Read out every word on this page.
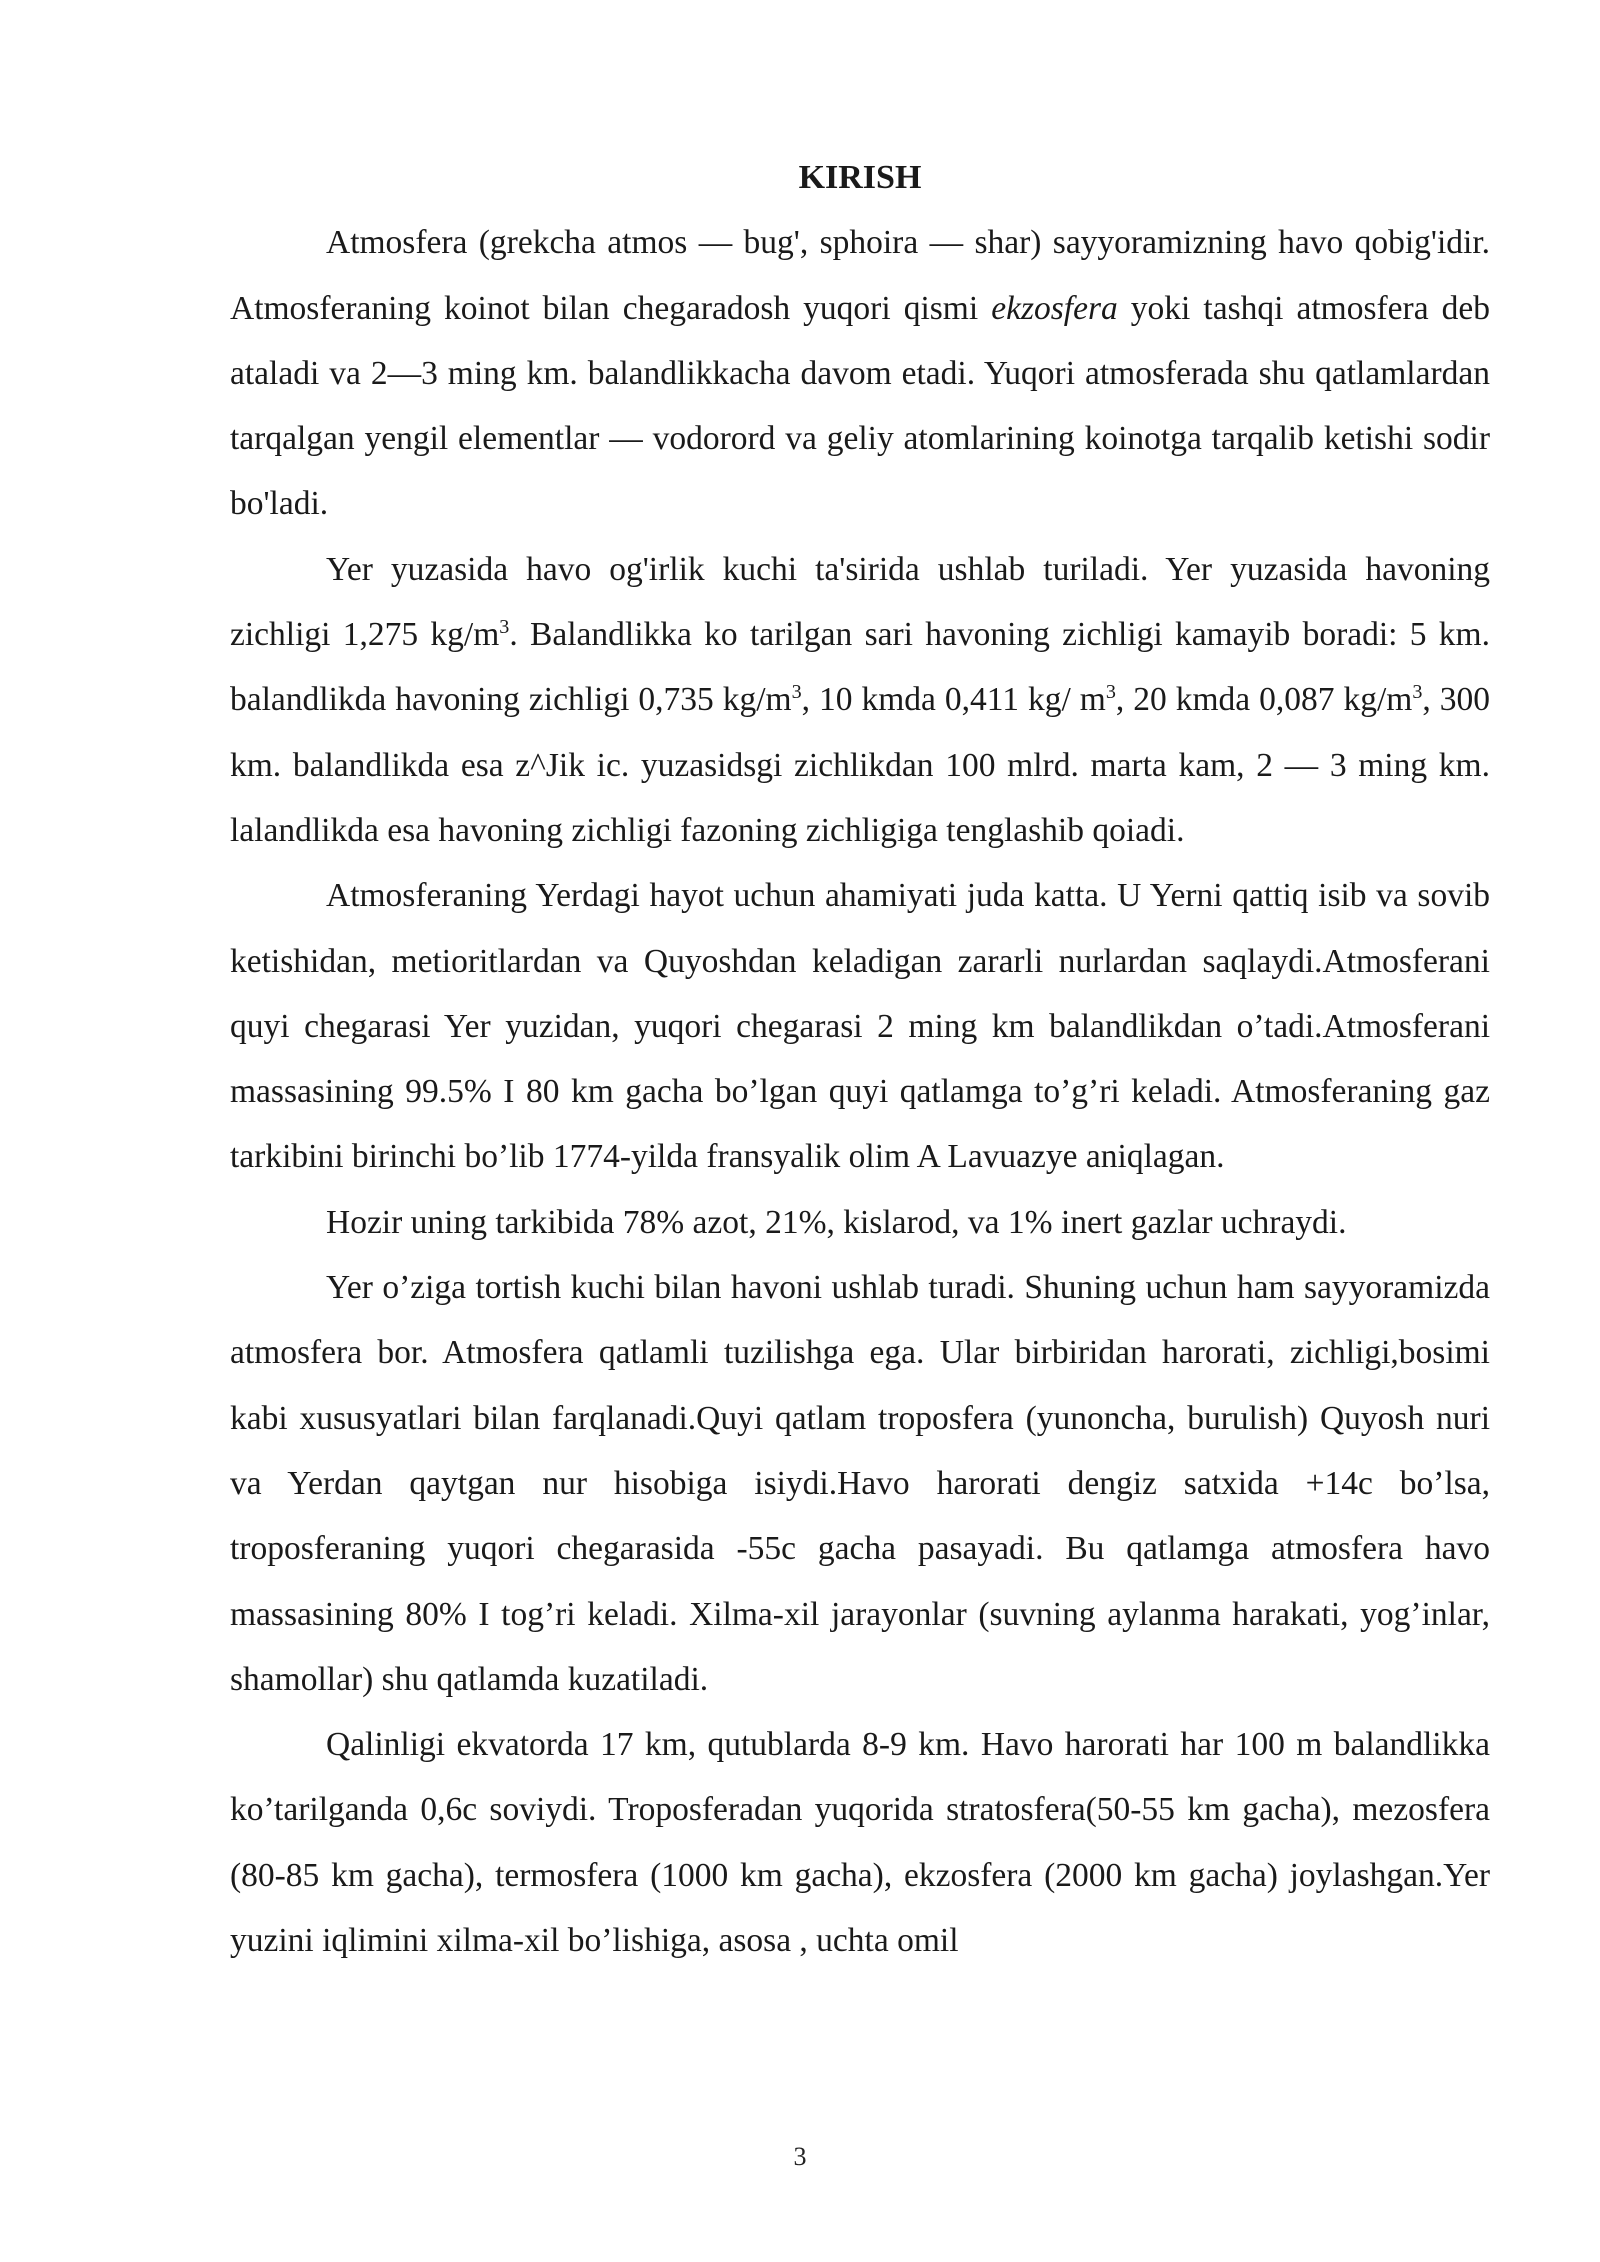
KIRISH

Atmosfera (grekcha atmos — bug', sphoira — shar) sayyoramizning havo qobig'idir. Atmosferaning koinot bilan chegaradosh yuqori qismi ekzosfera yoki tashqi atmosfera deb ataladi va 2—3 ming km. balandlikkacha davom etadi. Yuqori atmosferada shu qatlamlardan tarqalgan yengil elementlar — vodorord va geliy atomlarining koinotga tarqalib ketishi sodir bo'ladi.

Yer yuzasida havo og'irlik kuchi ta'sirida ushlab turiladi. Yer yuzasida havoning zichligi 1,275 $kg/m^3$. Balandlikka ko tarilgan sari havoning zichligi kamayib boradi: 5 km. balandlikda havoning zichligi 0,735 $kg/m^3$, 10 kmda 0,411 kg/ $m^3$, 20 kmda 0,087 $kg/m^3$, 300 km. balandlikda esa z^Jik ic. yuzasidsgi zichlikdan 100 mlrd. marta kam, 2 — 3 ming km. lalandlikda esa havoning zichligi fazoning zichligiga tenglashib qoiadi.

Atmosferaning Yerdagi hayot uchun ahamiyati juda katta. U Yerni qattiq isib va sovib ketishidan, metioritlardan va Quyoshdan keladigan zararli nurlardan saqlaydi.Atmosferani quyi chegarasi Yer yuzidan, yuqori chegarasi 2 ming km balandlikdan o’tadi.Atmosferani massasining 99.5% I 80 km gacha bo’lgan quyi qatlamga to’g’ri keladi. Atmosferaning gaz tarkibini birinchi bo’lib 1774-yilda fransyalik olim A Lavuazye aniqlagan.

Hozir uning tarkibida 78% azot, 21%, kislarod, va 1% inert gazlar uchraydi.

Yer o’ziga tortish kuchi bilan havoni ushlab turadi. Shuning uchun ham sayyoramizda atmosfera bor. Atmosfera qatlamli tuzilishga ega. Ular birbiridan harorati, zichligi,bosimi kabi xususyatlari bilan farqlanadi.Quyi qatlam troposfera (yunoncha, burulish) Quyosh nuri va Yerdan qaytgan nur hisobiga isiydi.Havo harorati dengiz satxida +14c bo’lsa, troposferaning yuqori chegarasida -55c gacha pasayadi. Bu qatlamga atmosfera havo massasining 80% I tog’ri keladi. Xilma-xil jarayonlar (suvning aylanma harakati, yog’inlar, shamollar) shu qatlamda kuzatiladi.

Qalinligi ekvatorda 17 km, qutublarda 8-9 km. Havo harorati har 100 m balandlikka ko’tarilganda 0,6c soviydi. Troposferadan yuqorida stratosfera(50-55 km gacha), mezosfera (80-85 km gacha), termosfera (1000 km gacha), ekzosfera (2000 km gacha) joylashgan.Yer yuzini iqlimini xilma-xil bo’lishiga, asosa , uchta omil

3
